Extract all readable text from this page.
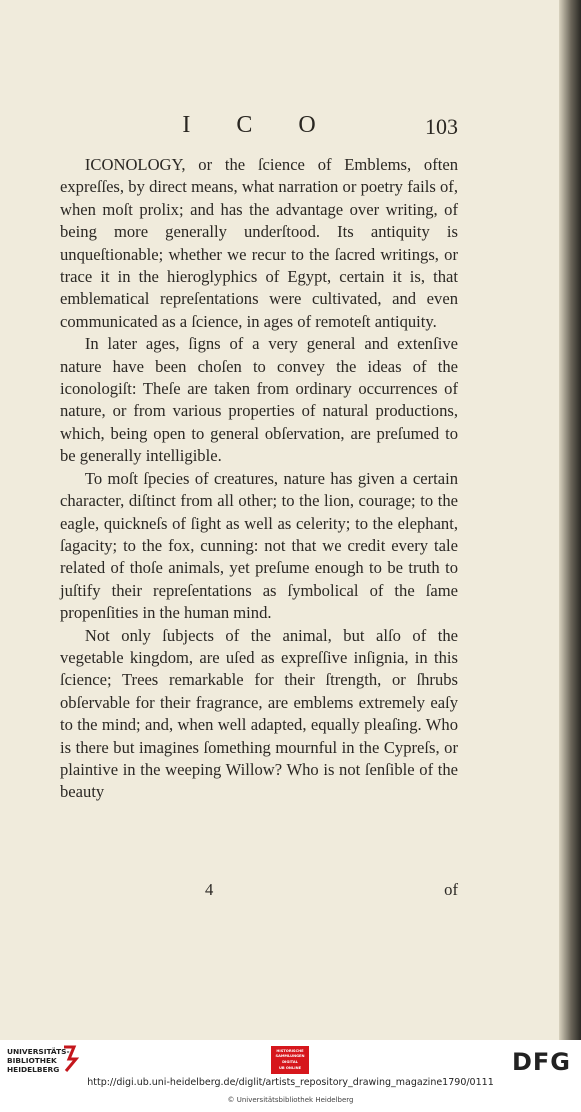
I C O	103

ICONOLOGY, or the ſcience of Emblems, often expreſſes, by direct means, what narration or poetry fails of, when moſt prolix; and has the advantage over writing, of being more generally underſtood. Its antiquity is unqueſtionable; whether we recur to the ſacred writings, or trace it in the hieroglyphics of Egypt, certain it is, that emblematical repreſentations were cultivated, and even communicated as a ſcience, in ages of remoteſt antiquity.

In later ages, ſigns of a very general and extenſive nature have been choſen to convey the ideas of the iconologiſt: Theſe are taken from ordinary occurrences of nature, or from various properties of natural productions, which, being open to general obſervation, are preſumed to be generally intelligible.

To moſt ſpecies of creatures, nature has given a certain character, diſtinct from all other; to the lion, courage; to the eagle, quickneſs of ſight as well as celerity; to the elephant, ſagacity; to the fox, cunning: not that we credit every tale related of thoſe animals, yet preſume enough to be truth to juſtify their repreſentations as ſymbolical of the ſame propenſities in the human mind.

Not only ſubjects of the animal, but alſo of the vegetable kingdom, are uſed as expreſſive inſignia, in this ſcience; Trees remarkable for their ſtrength, or ſhrubs obſervable for their fragrance, are emblems extremely eaſy to the mind; and, when well adapted, equally pleaſing. Who is there but imagines ſomething mournful in the Cypreſs, or plaintive in the weeping Willow? Who is not ſenſible of the beauty

4	of
UNIVERSITÄTS-
BIBLIOTHEK
HEIDELBERG
HISTORISCHE
SAMMLUNGEN
DIGITAL
UB ONLINE	DFG
http://digi.ub.uni-heidelberg.de/diglit/artists_repository_drawing_magazine1790/0111
© Universitätsbibliothek Heidelberg
